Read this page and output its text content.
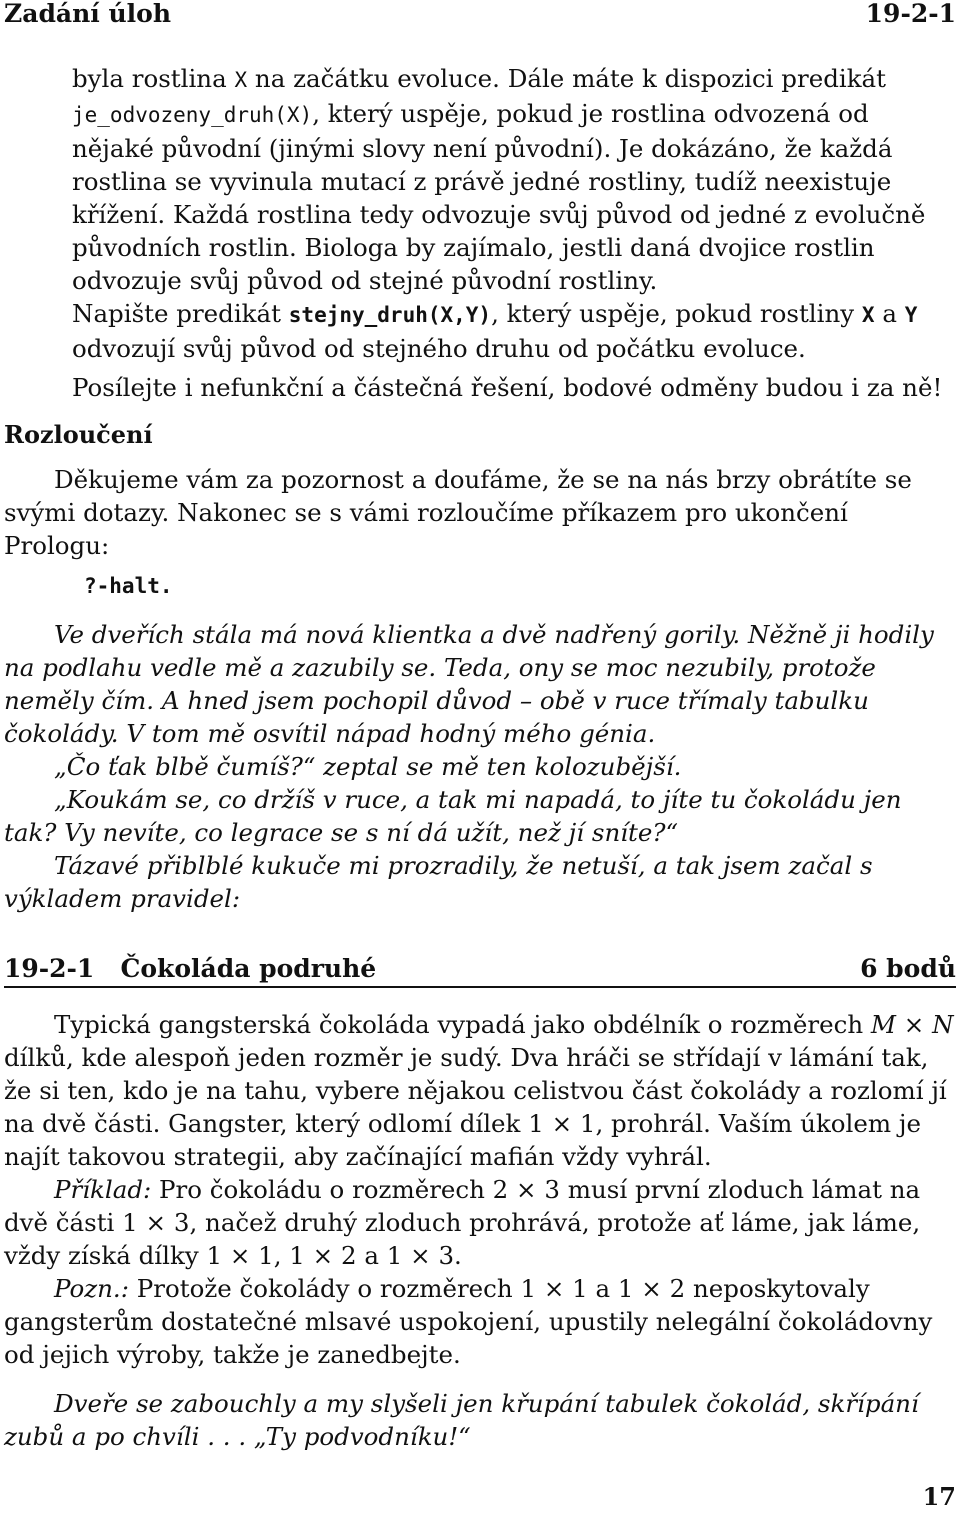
Zadání úloh	19-2-1

byla rostlina X na začátku evoluce. Dále máte k dispozici predikát je_odvozeny_druh(X), který uspěje, pokud je rostlina odvozená od nějaké původní (jinými slovy není původní). Je dokázáno, že každá rostlina se vyvinula mutací z právě jedné rostliny, tudíž neexistuje křížení. Každá rostlina tedy odvozuje svůj původ od jedné z evolučně původních rostlin. Biologa by zajímalo, jestli daná dvojice rostlin odvozuje svůj původ od stejné původní rostliny.

Napište predikát stejny_druh(X,Y), který uspěje, pokud rostliny X a Y odvozují svůj původ od stejného druhu od počátku evoluce.

Posílejte i nefunkční a částečná řešení, bodové odměny budou i za ně!

Rozloučení

Děkujeme vám za pozornost a doufáme, že se na nás brzy obrátíte se svými dotazy. Nakonec se s vámi rozloučíme příkazem pro ukončení Prologu:

?-halt.

Ve dveřích stála má nová klientka a dvě nadřený gorily. Něžně ji hodily na podlahu vedle mě a zazubily se. Teda, ony se moc nezubily, protože neměly čím. A hned jsem pochopil důvod – obě v ruce třímaly tabulku čokolády. V tom mě osvítil nápad hodný mého génia.

„Čo ťak blbě čumíš?“ zeptal se mě ten kolozubější.

„Koukám se, co držíš v ruce, a tak mi napadá, to jíte tu čokoládu jen tak? Vy nevíte, co legrace se s ní dá užít, než jí sníte?“

Tázavé přiblblé kukuče mi prozradily, že netuší, a tak jsem začal s výkladem pravidel:

19-2-1 Čokoláda podruhé	6 bodů

Typická gangsterská čokoláda vypadá jako obdélník o rozměrech M × N dílků, kde alespoň jeden rozměr je sudý. Dva hráči se střídají v lámání tak, že si ten, kdo je na tahu, vybere nějakou celistvou část čokolády a rozlomí jí na dvě části. Gangster, který odlomí dílek 1 × 1, prohrál. Vaším úkolem je najít takovou strategii, aby začínající mafián vždy vyhrál.

Příklad: Pro čokoládu o rozměrech 2 × 3 musí první zloduch lámat na dvě části 1 × 3, načež druhý zloduch prohrává, protože ať lámе, jak láme, vždy získá dílky 1 × 1, 1 × 2 a 1 × 3.

Pozn.: Protože čokolády o rozměrech 1 × 1 a 1 × 2 neposkytovaly gangsterům dostatečné mlsavé uspokojení, upustily nelegální čokoládovny od jejich výroby, takže je zanedbejte.

Dveře se zabouchly a my slyšeli jen křupání tabulek čokolád, skřípání zubů a po chvíli . . . „Ty podvodníku!“

17
